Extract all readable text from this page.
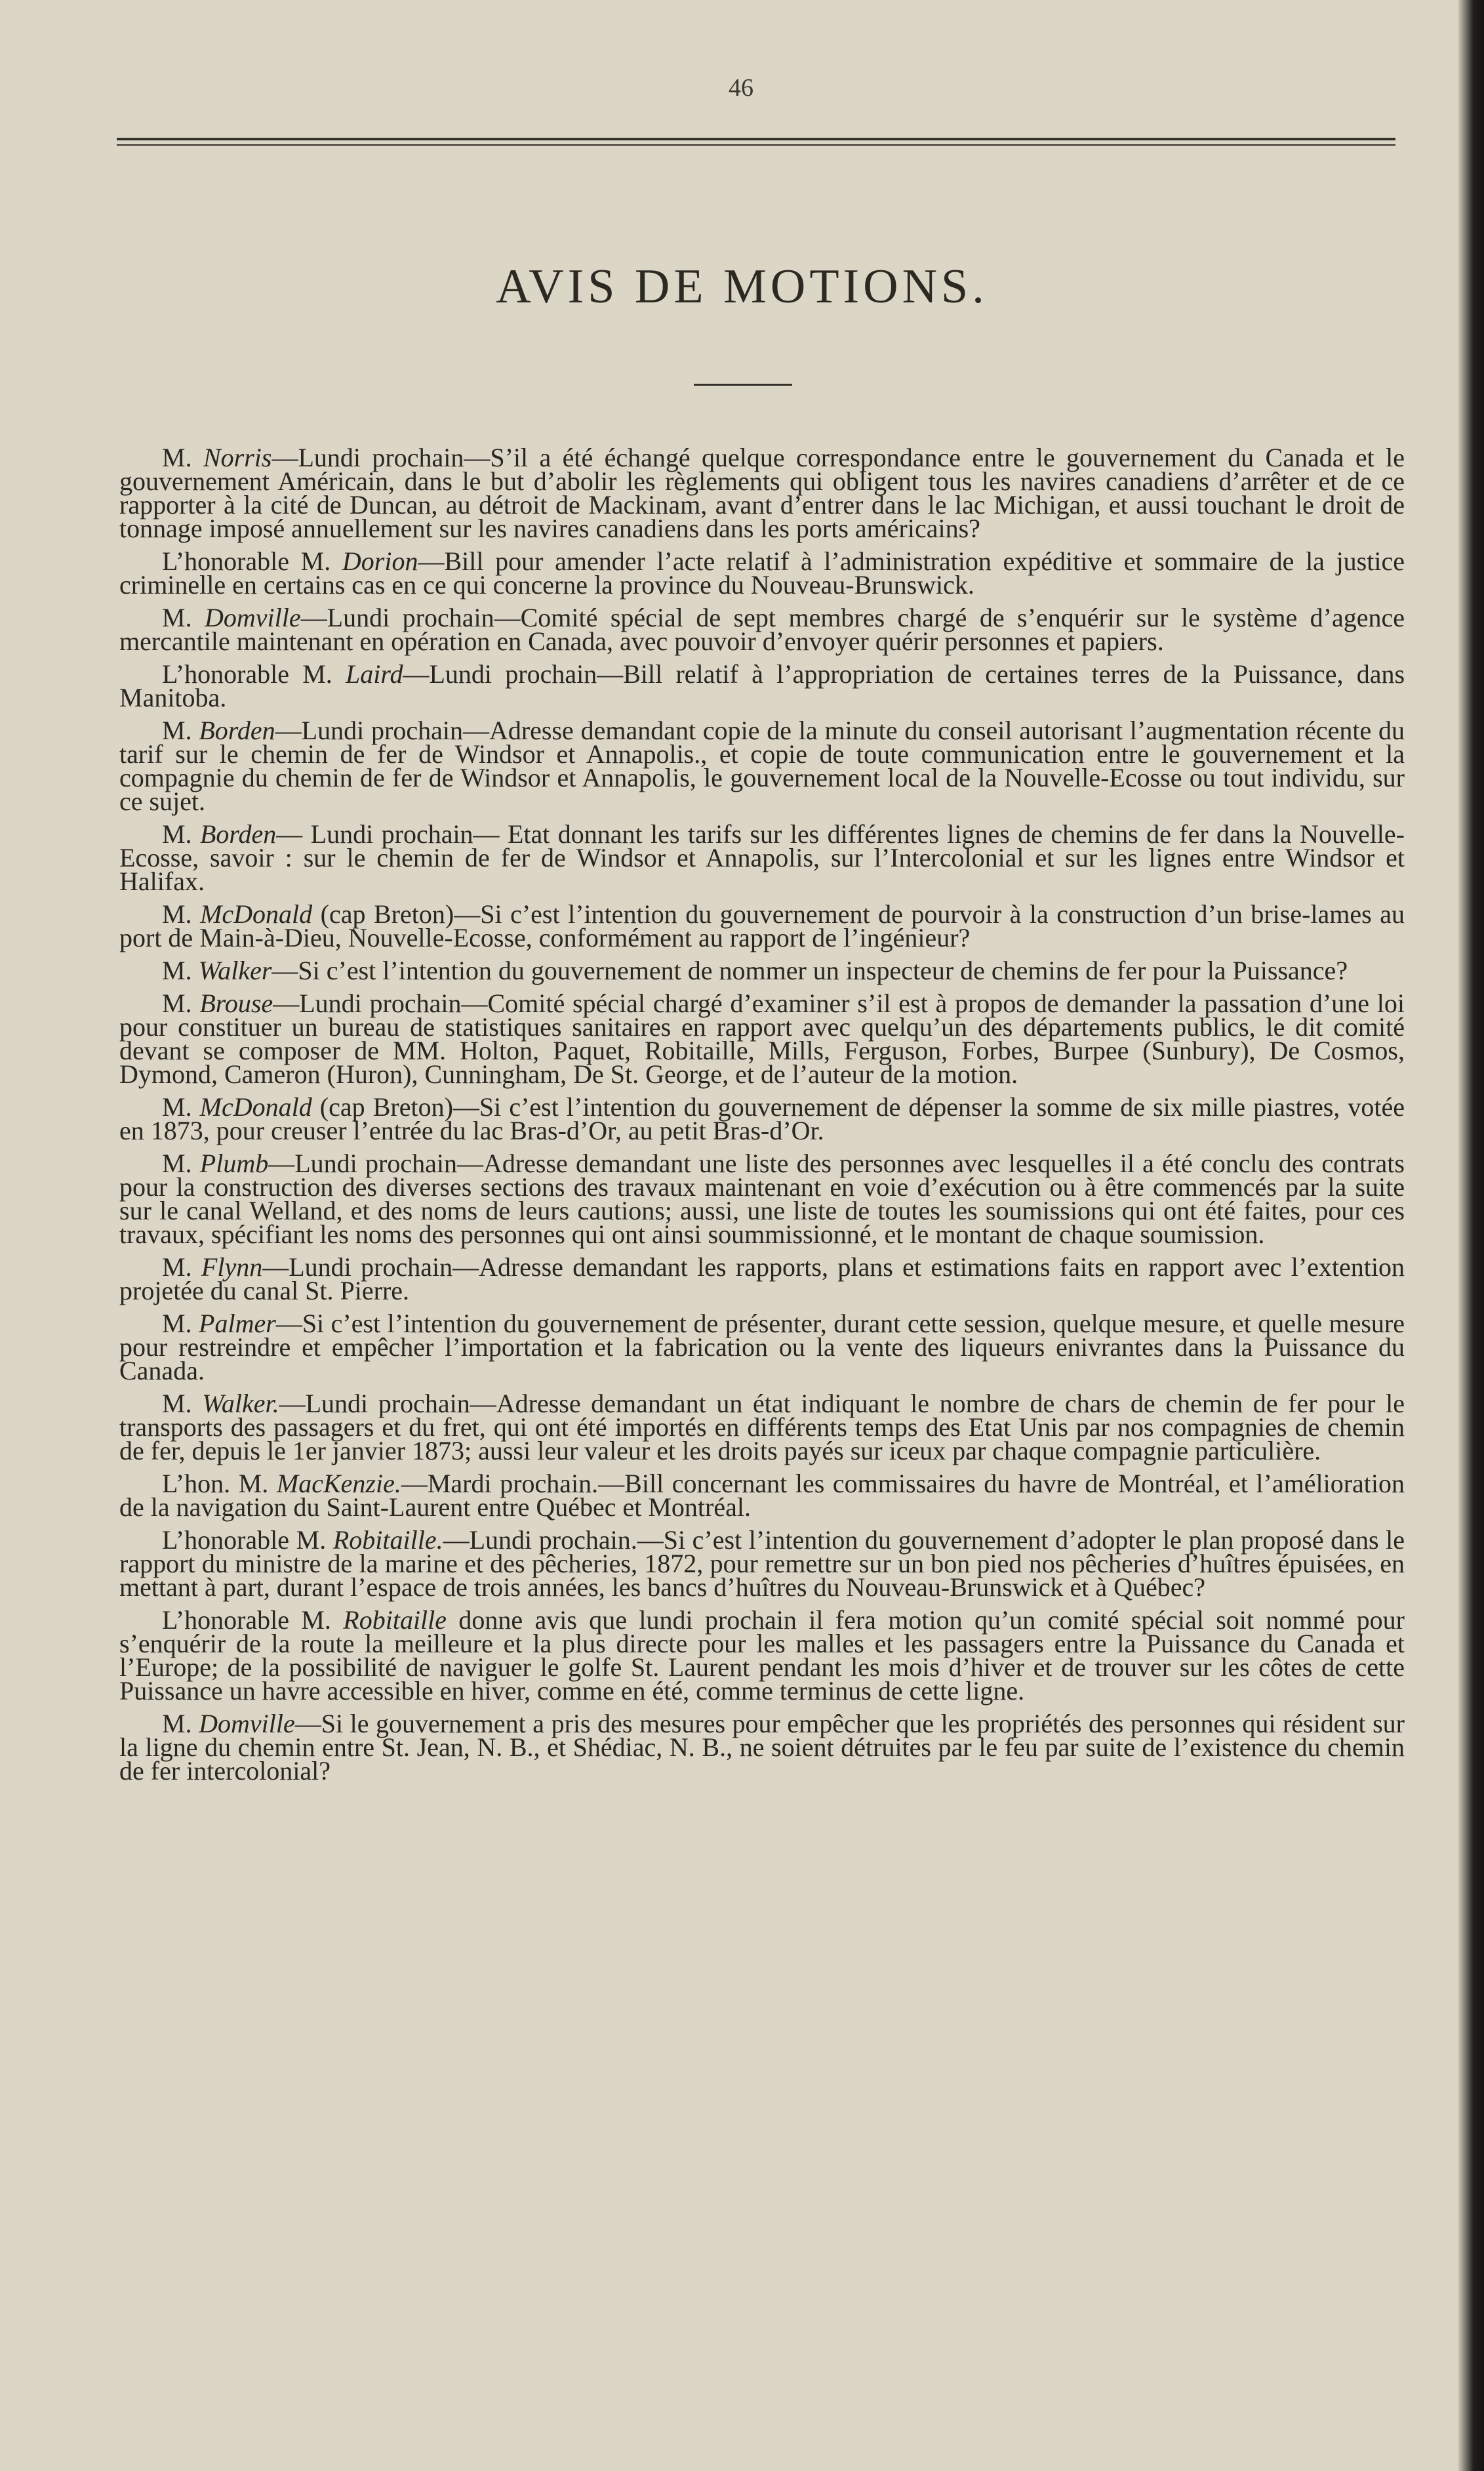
46
AVIS DE MOTIONS.

M. Norris—Lundi prochain—S’il a été échangé quelque correspondance entre le gouvernement du Canada et le gouvernement Américain, dans le but d’abolir les règlements qui obligent tous les navires canadiens d’arrêter et de ce rapporter à la cité de Duncan, au détroit de Mackinam, avant d’entrer dans le lac Michigan, et aussi touchant le droit de tonnage imposé annuellement sur les navires canadiens dans les ports américains?

L’honorable M. Dorion—Bill pour amender l’acte relatif à l’administration expéditive et sommaire de la justice criminelle en certains cas en ce qui concerne la province du Nouveau-Brunswick.

M. Domville—Lundi prochain—Comité spécial de sept membres chargé de s’enquérir sur le système d’agence mercantile maintenant en opération en Canada, avec pouvoir d’envoyer quérir personnes et papiers.

L’honorable M. Laird—Lundi prochain—Bill relatif à l’appropriation de certaines terres de la Puissance, dans Manitoba.

M. Borden—Lundi prochain—Adresse demandant copie de la minute du conseil autorisant l’augmentation récente du tarif sur le chemin de fer de Windsor et Annapolis., et copie de toute communication entre le gouvernement et la compagnie du chemin de fer de Windsor et Annapolis, le gouvernement local de la Nouvelle-Ecosse ou tout individu, sur ce sujet.

M. Borden— Lundi prochain— Etat donnant les tarifs sur les différentes lignes de chemins de fer dans la Nouvelle-Ecosse, savoir : sur le chemin de fer de Windsor et Annapolis, sur l’Intercolonial et sur les lignes entre Windsor et Halifax.

M. McDonald (cap Breton)—Si c’est l’intention du gouvernement de pourvoir à la construction d’un brise-lames au port de Main-à-Dieu, Nouvelle-Ecosse, conformément au rapport de l’ingénieur?

M. Walker—Si c’est l’intention du gouvernement de nommer un inspecteur de chemins de fer pour la Puissance?

M. Brouse—Lundi prochain—Comité spécial chargé d’examiner s’il est à propos de demander la passation d’une loi pour constituer un bureau de statistiques sanitaires en rapport avec quelqu’un des départements publics, le dit comité devant se composer de MM. Holton, Paquet, Robitaille, Mills, Ferguson, Forbes, Burpee (Sunbury), De Cosmos, Dymond, Cameron (Huron), Cunningham, De St. George, et de l’auteur de la motion.

M. McDonald (cap Breton)—Si c’est l’intention du gouvernement de dépenser la somme de six mille piastres, votée en 1873, pour creuser l’entrée du lac Bras-d’Or, au petit Bras-d’Or.

M. Plumb—Lundi prochain—Adresse demandant une liste des personnes avec lesquelles il a été conclu des contrats pour la construction des diverses sections des travaux maintenant en voie d’exécution ou à être commencés par la suite sur le canal Welland, et des noms de leurs cautions; aussi, une liste de toutes les soumissions qui ont été faites, pour ces travaux, spécifiant les noms des personnes qui ont ainsi soummissionné, et le montant de chaque soumission.

M. Flynn—Lundi prochain—Adresse demandant les rapports, plans et estimations faits en rapport avec l’extention projetée du canal St. Pierre.

M. Palmer—Si c’est l’intention du gouvernement de présenter, durant cette session, quelque mesure, et quelle mesure pour restreindre et empêcher l’importation et la fabrication ou la vente des liqueurs enivrantes dans la Puissance du Canada.

M. Walker.—Lundi prochain—Adresse demandant un état indiquant le nombre de chars de chemin de fer pour le transports des passagers et du fret, qui ont été importés en différents temps des Etat Unis par nos compagnies de chemin de fer, depuis le 1er janvier 1873; aussi leur valeur et les droits payés sur iceux par chaque compagnie particulière.

L’hon. M. MacKenzie.—Mardi prochain.—Bill concernant les commissaires du havre de Montréal, et l’amélioration de la navigation du Saint-Laurent entre Québec et Montréal.

L’honorable M. Robitaille.—Lundi prochain.—Si c’est l’intention du gouvernement d’adopter le plan proposé dans le rapport du ministre de la marine et des pêcheries, 1872, pour remettre sur un bon pied nos pêcheries d’huîtres épuisées, en mettant à part, durant l’espace de trois années, les bancs d’huîtres du Nouveau-Brunswick et à Québec?

L’honorable M. Robitaille donne avis que lundi prochain il fera motion qu’un comité spécial soit nommé pour s’enquérir de la route la meilleure et la plus directe pour les malles et les passagers entre la Puissance du Canada et l’Europe; de la possibilité de naviguer le golfe St. Laurent pendant les mois d’hiver et de trouver sur les côtes de cette Puissance un havre accessible en hiver, comme en été, comme terminus de cette ligne.

M. Domville—Si le gouvernement a pris des mesures pour empêcher que les propriétés des personnes qui résident sur la ligne du chemin entre St. Jean, N. B., et Shédiac, N. B., ne soient détruites par le feu par suite de l’existence du chemin de fer intercolonial?
